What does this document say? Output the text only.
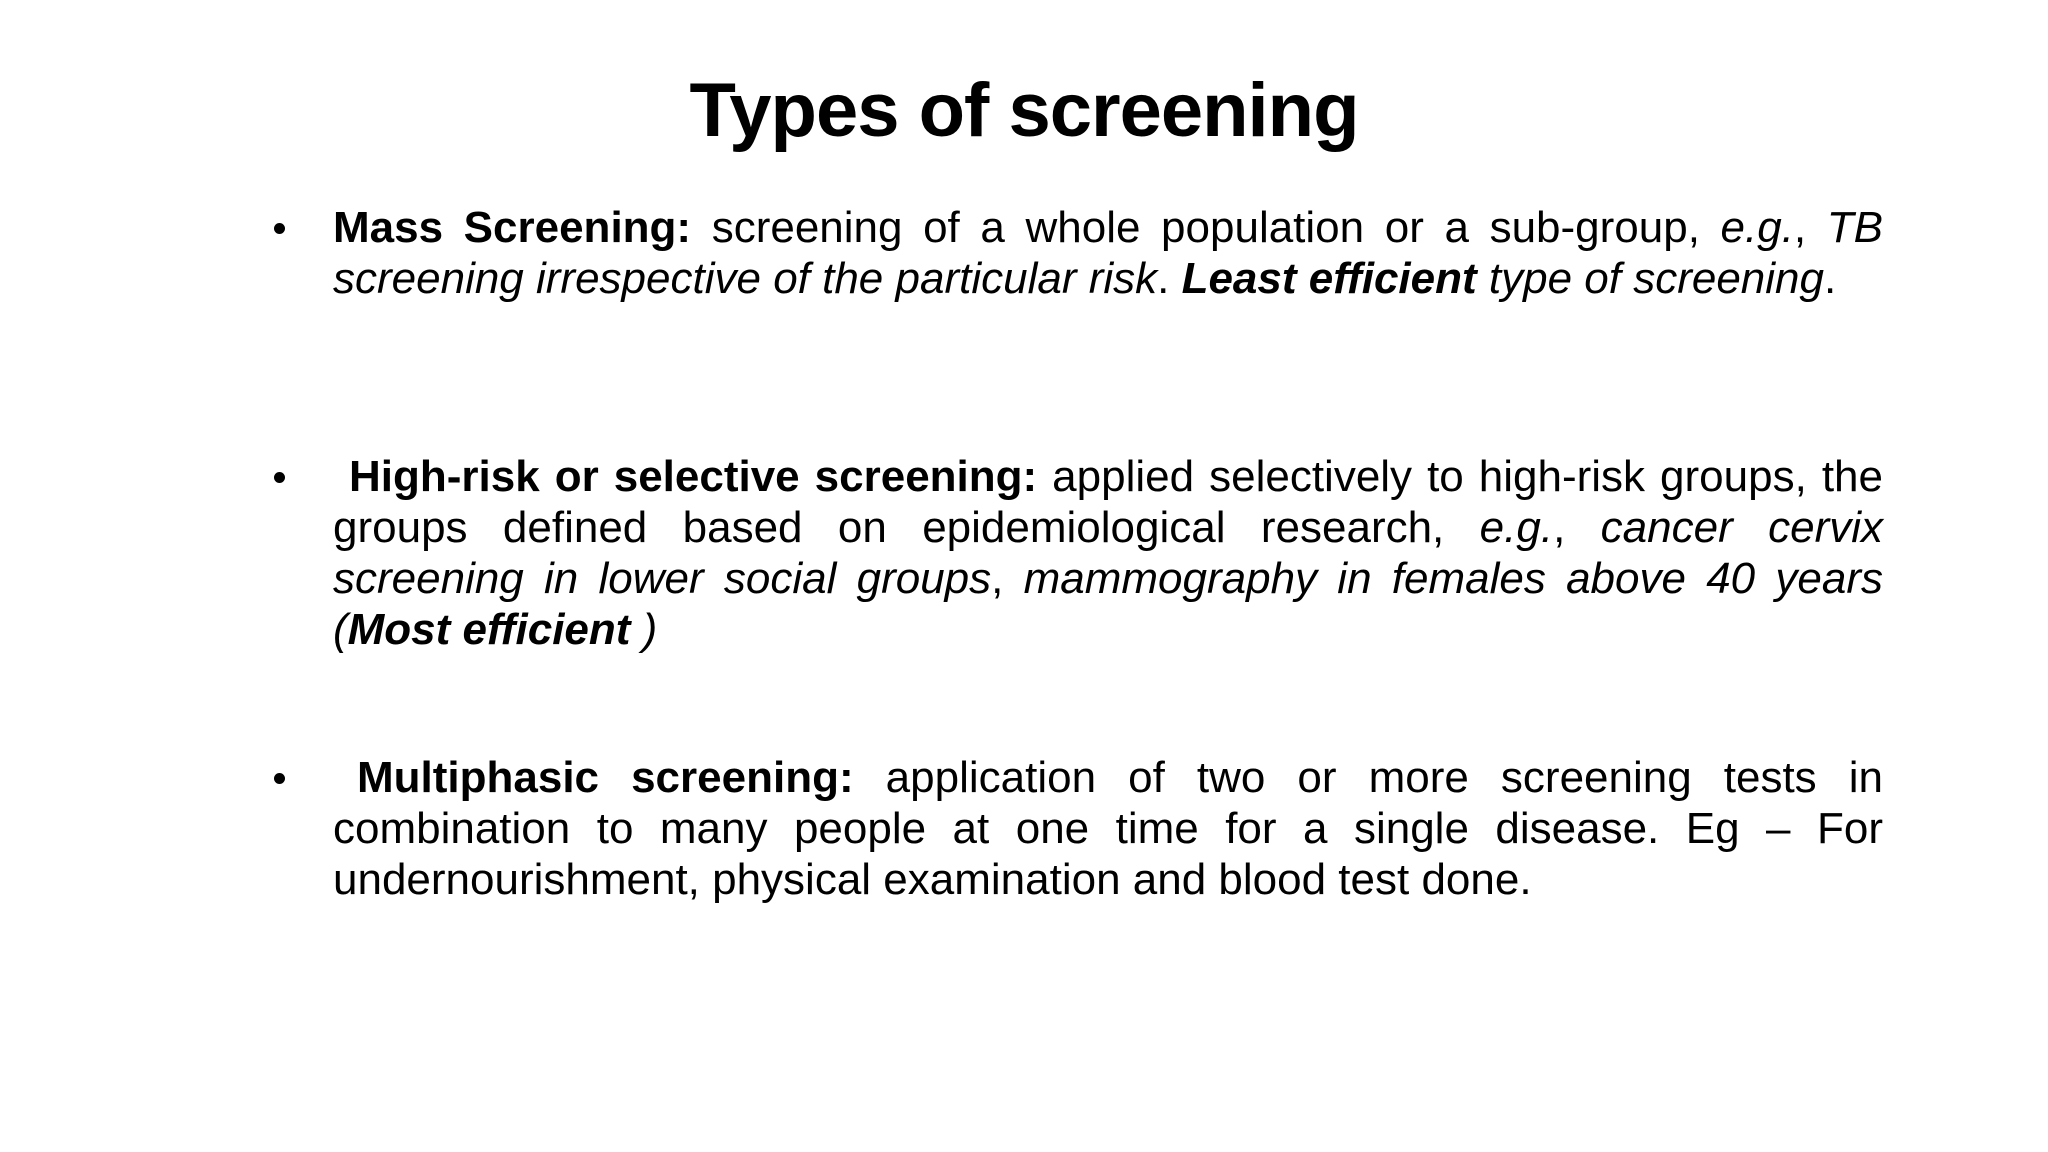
Types of screening
Mass Screening: screening of a whole population or a sub-group, e.g., TB screening irrespective of the particular risk. Least efficient type of screening.
High-risk or selective screening: applied selectively to high-risk groups, the groups defined based on epidemiological research, e.g., cancer cervix screening in lower social groups, mammography in females above 40 years (Most efficient )
Multiphasic screening: application of two or more screening tests in combination to many people at one time for a single disease. Eg – For undernourishment, physical examination and blood test done.
